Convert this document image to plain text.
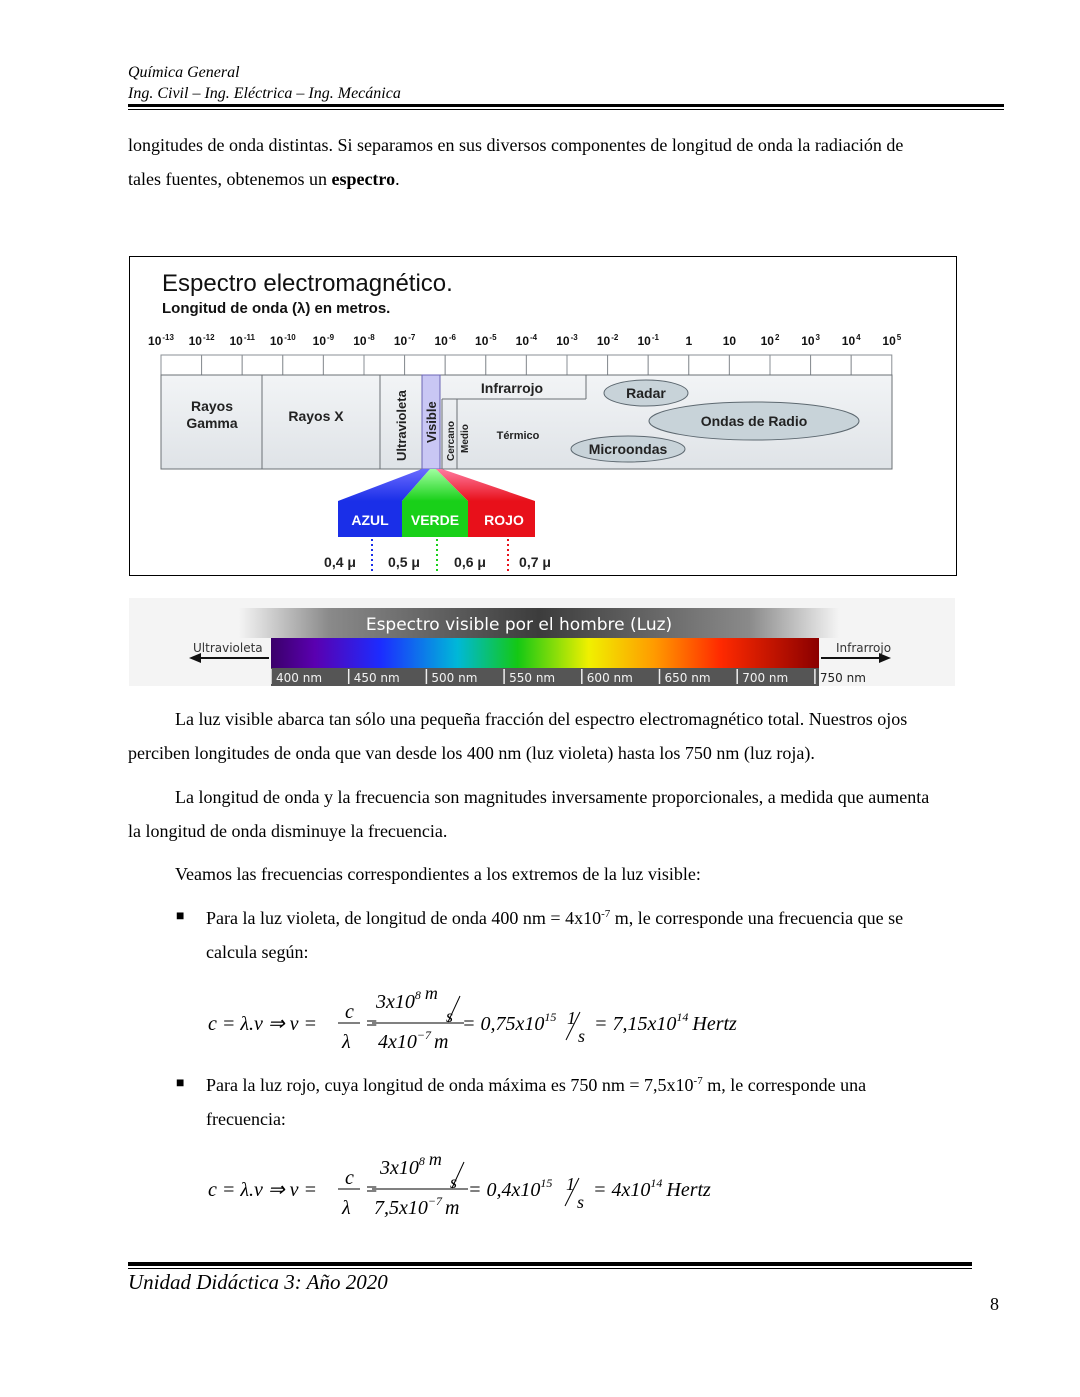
Química General
Ing. Civil – Ing. Eléctrica – Ing. Mecánica
longitudes de onda distintas. Si separamos en sus diversos componentes de longitud de onda la radiación de
tales fuentes, obtenemos un espectro.
Espectro electromagnético.
Longitud de onda (λ) en metros.
$10^{-13}$ $10^{-12}$ $10^{-11}$ $10^{-10}$ $10^{-9}$ $10^{-8}$ $10^{-7}$ $10^{-6}$ $10^{-5}$ $10^{-4}$ $10^{-3}$ $10^{-2}$ $10^{-1}$ 1	10 $10^2$ $10^3$ $10^4$ $10^5$
Rayos
Gamma	Rayos X	Ultravioleta Visible Cercano Medio
Infrarrojo
Térmico
Radar
Ondas de Radio
Microondas
AZUL VERDE ROJO
0,4 μ 0,5 μ 0,6 μ 0,7 μ
Espectro visible por el hombre (Luz)
400 nm	450 nm	500 nm	550 nm	600 nm	650 nm	700 nm	750 nm
Ultravioleta	Infrarrojo
La luz visible abarca tan sólo una pequeña fracción del espectro electromagnético total. Nuestros ojos
perciben longitudes de onda que van desde los 400 nm (luz violeta) hasta los 750 nm (luz roja).
La longitud de onda y la frecuencia son magnitudes inversamente proporcionales, a medida que aumenta
la longitud de onda disminuye la frecuencia.
Veamos las frecuencias correspondientes a los extremos de la luz visible:
■ Para la luz violeta, de longitud de onda 400 nm = $4x10^{-7}$ m, le corresponde una frecuencia que se
calcula según:
c = λ.ν ⇒ ν =
c
λ
=
$3x10^8$ m
s
$4x10^{-7}$ m
= $0,75x10^{15}$ 1
s
= $7,15x10^{14}$ Hertz
■ Para la luz rojo, cuya longitud de onda máxima es 750 nm = $7,5x10^{-7}$ m, le corresponde una
frecuencia:
c = λ.ν ⇒ ν =
c
λ
=
$3x10^8$ m
s
$7,5x10^{-7}$ m
= $0,4x10^{15}$ 1
s
= $4x10^{14}$ Hertz
Unidad Didáctica 3: Año 2020
8
